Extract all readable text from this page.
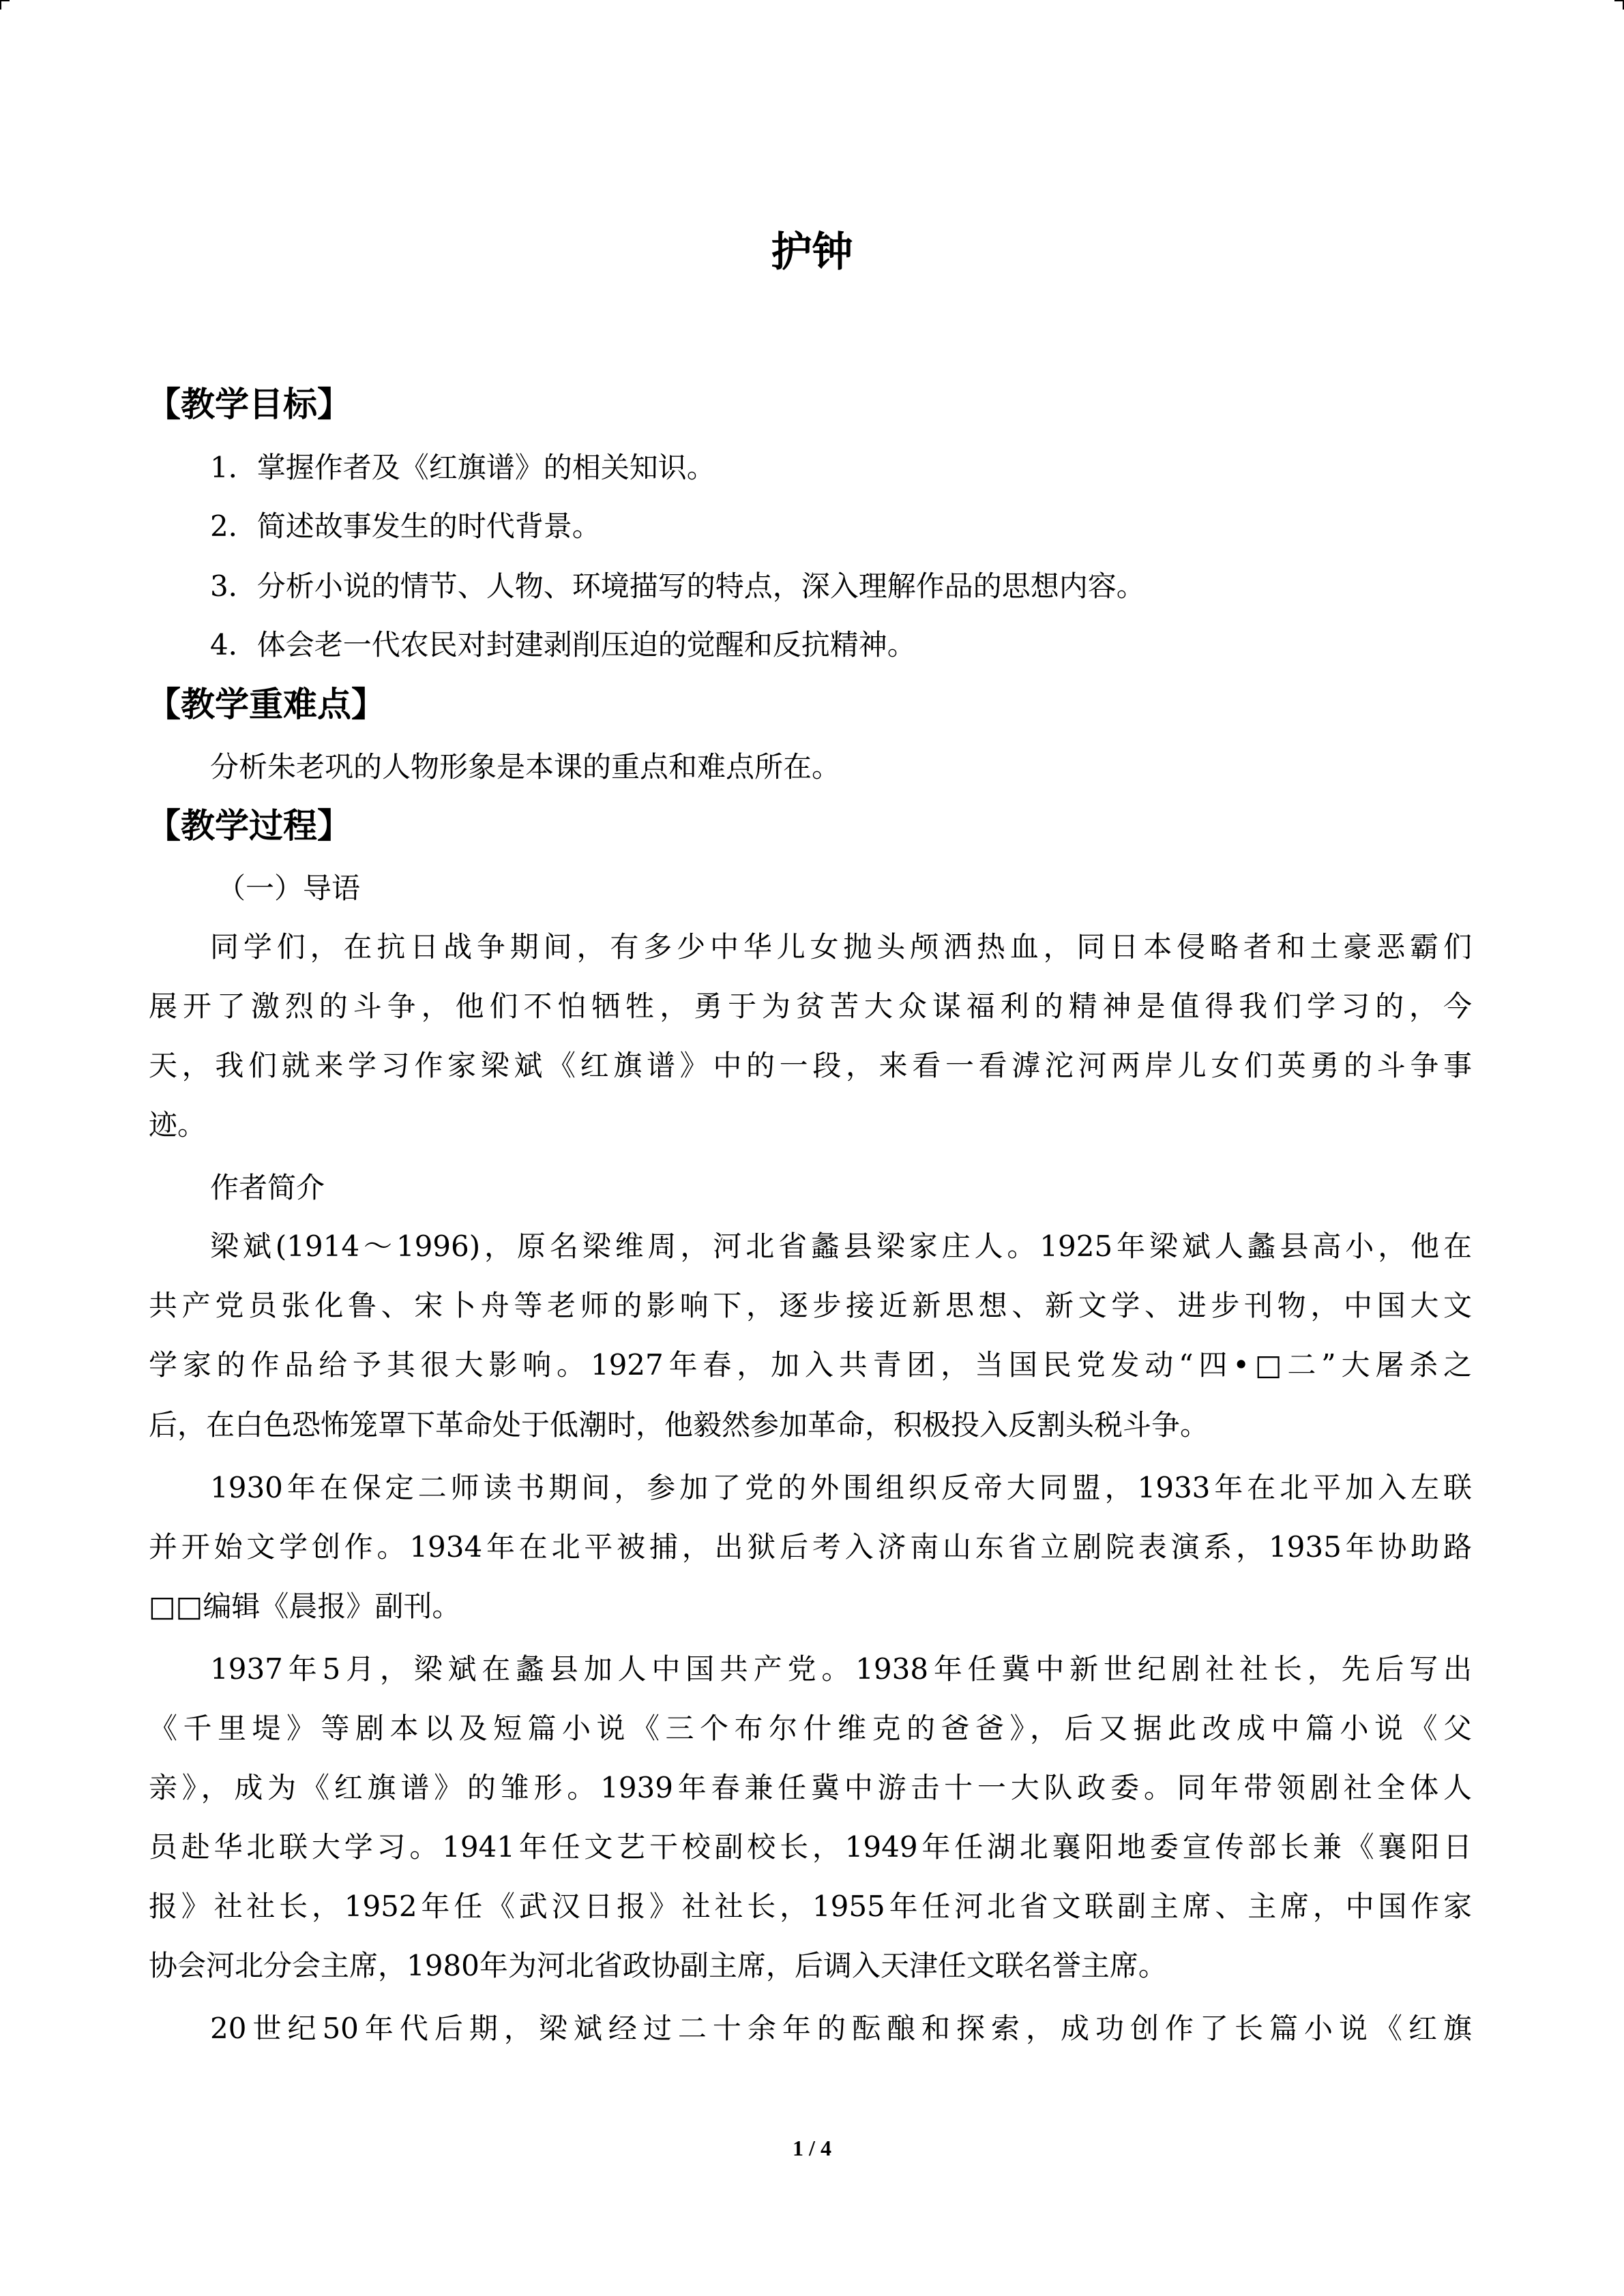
护钟
【教学目标】
1．掌握作者及《红旗谱》的相关知识。
2．简述故事发生的时代背景。
3．分析小说的情节、人物、环境描写的特点，深入理解作品的思想内容。
4．体会老一代农民对封建剥削压迫的觉醒和反抗精神。
【教学重难点】
分析朱老巩的人物形象是本课的重点和难点所在。
【教学过程】
（一）导语
同学们，在抗日战争期间，有多少中华儿女抛头颅洒热血，同日本侵略者和土豪恶霸们
展开了激烈的斗争，他们不怕牺牲，勇于为贫苦大众谋福利的精神是值得我们学习的，今
天，我们就来学习作家梁斌《红旗谱》中的一段，来看一看滹沱河两岸儿女们英勇的斗争事
迹。
作者简介
梁斌(1914～1996)，原名梁维周，河北省蠡县梁家庄人。1925年梁斌人蠡县高小，他在
共产党员张化鲁、宋卜舟等老师的影响下，逐步接近新思想、新文学、进步刊物，中国大文
学家的作品给予其很大影响。1927年春，加入共青团，当国民党发动“四•□二”大屠杀之
后，在白色恐怖笼罩下革命处于低潮时，他毅然参加革命，积极投入反割头税斗争。
1930年在保定二师读书期间，参加了党的外围组织反帝大同盟，1933年在北平加入左联
并开始文学创作。1934年在北平被捕，出狱后考入济南山东省立剧院表演系，1935年协助路
□□编辑《晨报》副刊。
1937年5月，梁斌在蠡县加人中国共产党。1938年任冀中新世纪剧社社长，先后写出
《千里堤》等剧本以及短篇小说《三个布尔什维克的爸爸》，后又据此改成中篇小说《父
亲》，成为《红旗谱》的雏形。1939年春兼任冀中游击十一大队政委。同年带领剧社全体人
员赴华北联大学习。1941年任文艺干校副校长，1949年任湖北襄阳地委宣传部长兼《襄阳日
报》社社长，1952年任《武汉日报》社社长，1955年任河北省文联副主席、主席，中国作家
协会河北分会主席，1980年为河北省政协副主席，后调入天津任文联名誉主席。
20世纪50年代后期，梁斌经过二十余年的酝酿和探索，成功创作了长篇小说《红旗
1 / 4
